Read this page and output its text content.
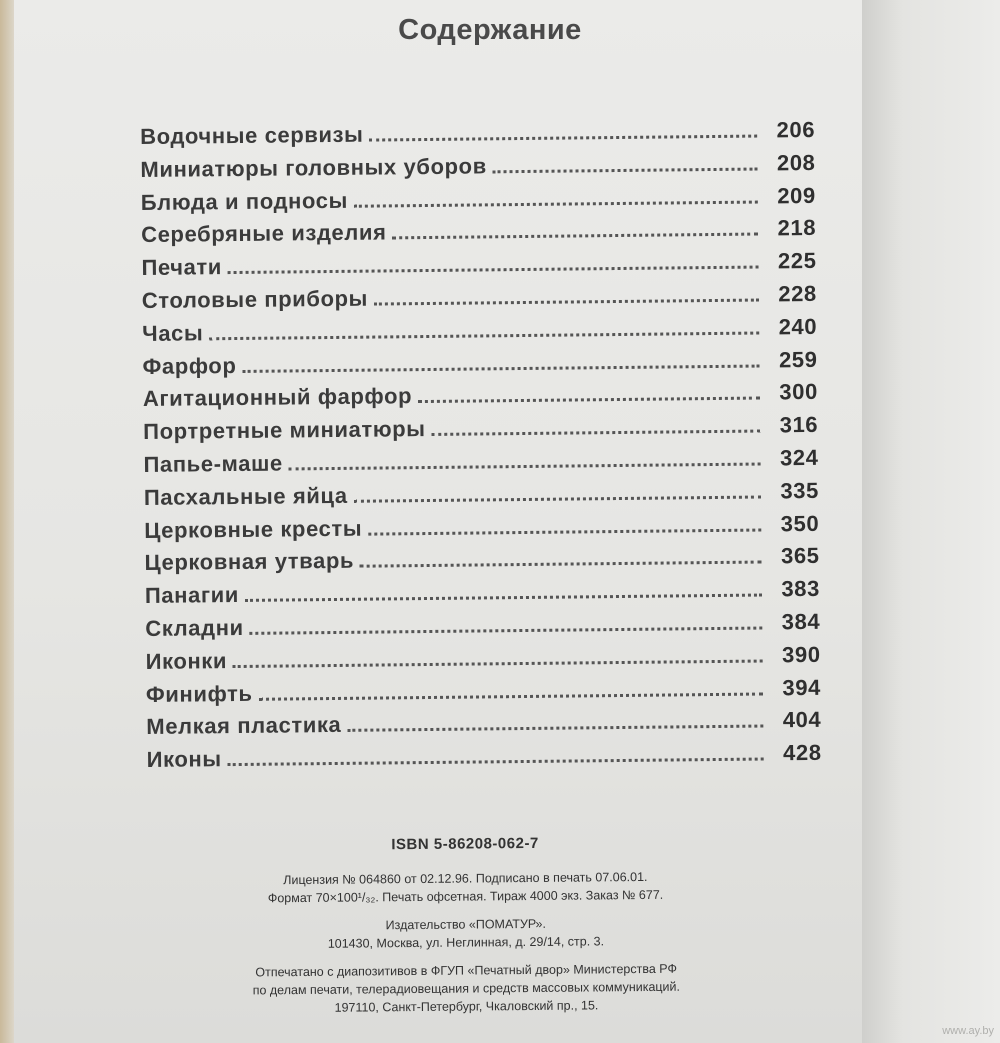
Содержание
Водочные сервизы	206
Миниатюры головных уборов	208
Блюда и подносы	209
Серебряные изделия	218
Печати	225
Столовые приборы	228
Часы	240
Фарфор	259
Агитационный фарфор	300
Портретные миниатюры	316
Папье-маше	324
Пасхальные яйца	335
Церковные кресты	350
Церковная утварь	365
Панагии	383
Складни	384
Иконки	390
Финифть	394
Мелкая пластика	404
Иконы	428
ISBN 5-86208-062-7
Лицензия № 064860 от 02.12.96. Подписано в печать 07.06.01.
Формат 70×100¹/₃₂. Печать офсетная. Тираж 4000 экз. Заказ № 677.
Издательство «ПОМАТУР».
101430, Москва, ул. Неглинная, д. 29/14, стр. 3.
Отпечатано с диапозитивов в ФГУП «Печатный двор» Министерства РФ
по делам печати, телерадиовещания и средств массовых коммуникаций.
197110, Санкт-Петербург, Чкаловский пр., 15.
www.ay.by
